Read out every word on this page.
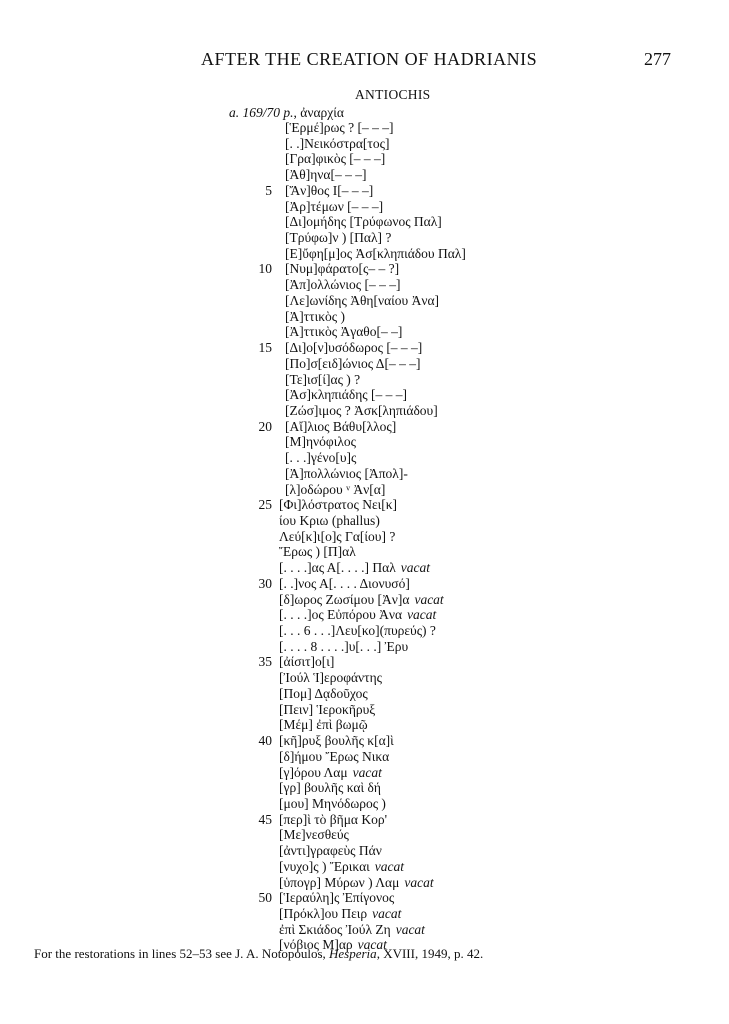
AFTER THE CREATION OF HADRIANIS	277
ANTIOCHIS
a. 169/70 p., ἀναρχία
[Ἑρμέ]ρως ? [– – –]
[. .]Νεικόστρα[τος]
[Γρα]φικὸς [– – –]
[Ἀθ]ηνα[– – –]
5 [Ἄν]θος I[– – –]
[Ἀρ]τέμων [– – –]
[Δι]ομήδης [Τρύφωνος Παλ]
[Τρύφω]ν ) [Παλ] ?
[Ε]ὔφη[μ]ος Ἀσ[κληπιάδου Παλ]
10 [Νυμ]φάρατο[ς– – ?]
[Ἀπ]ολλώνιος [– – –]
[Λε]ωνίδης Ἀθη[ναίου Ἀνα]
[Ἀ]ττικὸς )
[Ἀ]ττικὸς Ἀγαθο[– –]
15 [Δι]ο[ν]υσόδωρος [– – –]
[Πο]σ[ειδ]ώνιος Δ[– – –]
[Τε]ισ[ί]ας ) ?
[Ἀσ]κληπιάδης [– – –]
[Ζώσ]ιμος ? Ἀσκ[ληπιάδου]
20 [Αἴ]λιος Βάθυ[λλος]
[Μ]ηνόφιλος
[. . .]γένο[υ]ς
[Ἀ]πολλώνιος [Ἀπολ]-
[λ]οδώρου ᵛ Ἀν[α]
25 [Φι]λόστρατος Νει[κ]
ίου Κριω (phallus)
Λεύ[κ]ι[ο]ς Γα[ίου] ?
Ἔρως ) [Π]αλ
[. . . .]ας Α[. . . .] Παλ vacat
30 [. .]νος Α[. . . . Διονυσό]
[δ]ωρος Ζωσίμου [Ἀν]α vacat
[. . . .]ος Εὐπόρου Ἀνα vacat
[. . . 6 . . .]Λευ[κο](πυρεύς) ?
[. . . . 8 . . . .]υ[. . .] Ἐρυ
35 [ἀίσιτ]ο[ι]
[Ἰούλ Ἱ]εροφάντης
[Πομ] Δᾳδοῦχος
[Πειν] Ἱεροκῆρυξ
[Μέμ] ἐπὶ βωμῷ
40 [κῆ]ρυξ βουλῆς κ[α]ὶ
[δ]ήμου Ἔρως Νικα
[γ]όρου Λαμ vacat
[γρ] βουλῆς καὶ δή
[μου] Μηνόδωρος )
45 [περ]ὶ τὸ βῆμα Κορ'
[Με]νεσθεύς
[ἀντι]γραφεὺς Πάν
[νυχο]ς ) Ἔρικαι vacat
[ὑπογρ] Μύρων ) Λαμ vacat
50 [Ἱεραύλη]ς Ἐπίγονος
[Πρόκλ]ου Πειρ vacat
ἐπὶ Σκιάδος Ἰούλ Ζη vacat
[νόβιος Μ]αρ vacat
For the restorations in lines 52–53 see J. A. Notopoulos, Hesperia, XVIII, 1949, p. 42.
